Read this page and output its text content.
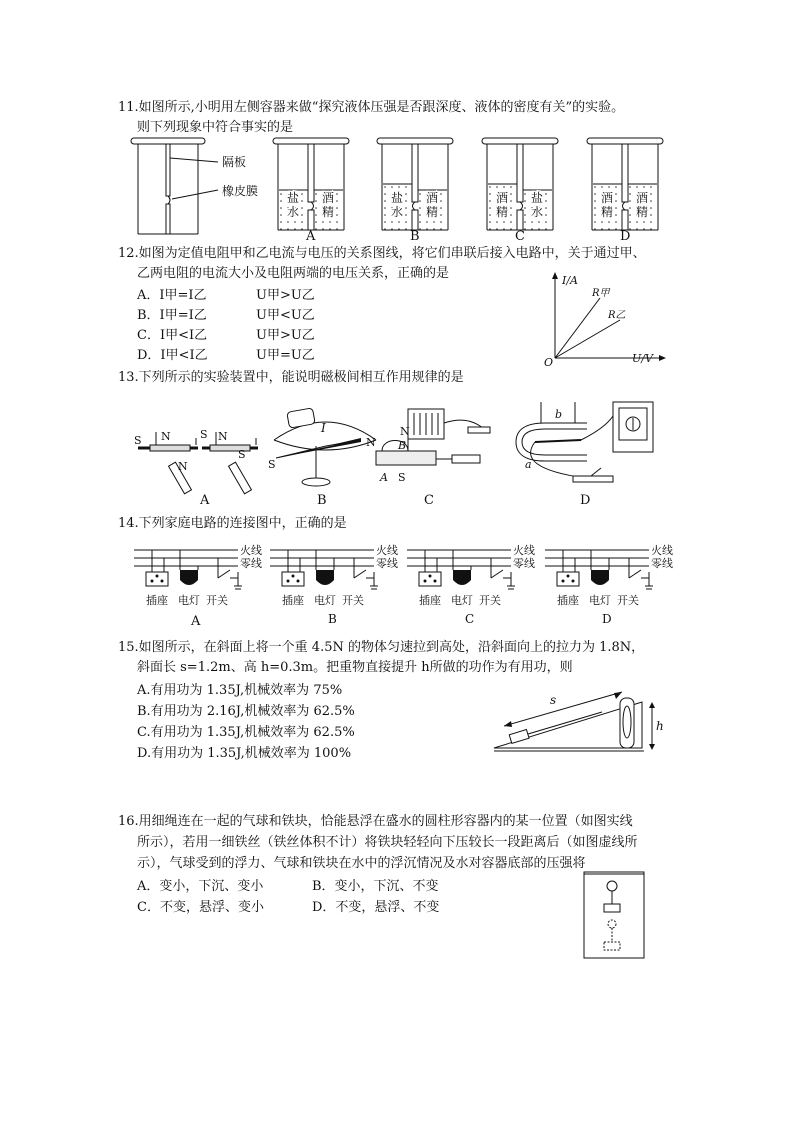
11.如图所示,小明用左侧容器来做“探究液体压强是否跟深度、液体的密度有关”的实验。
则下列现象中符合事实的是
隔板
橡皮膜 盐
水
酒
精
A
盐
水
酒
精
B
酒
精
盐
水
C
酒
精
酒
精
D
12.如图为定值电阻甲和乙电流与电压的关系图线，将它们串联后接入电路中，关于通过甲、
乙两电阻的电流大小及电阻两端的电压关系，正确的是
A．I甲=I乙	U甲>U乙
B．I甲=I乙	U甲<U乙
C．I甲<I乙	U甲>U乙
D．I甲<I乙	U甲=U乙
I/A
U/V
O
R甲
R乙
13.下列所示的实验装置中，能说明磁极间相互作用规律的是
S N	S N
N
S
I
N
S
B
N
A S
b
a
A	B	C	D
14.下列家庭电路的连接图中，正确的是
火线
零线
插座 电灯 开关
火线
零线
插座 电灯 开关
火线
零线
插座 电灯 开关
火线
零线
插座 电灯 开关
A	B	C	D
15.如图所示，在斜面上将一个重 4.5N 的物体匀速拉到高处，沿斜面向上的拉力为 1.8N，
斜面长 s=1.2m、高 h=0.3m。把重物直接提升 h所做的功作为有用功，则
A.有用功为 1.35J,机械效率为 75%
B.有用功为 2.16J,机械效率为 62.5%
C.有用功为 1.35J,机械效率为 62.5%
D.有用功为 1.35J,机械效率为 100%
s
h
16.用细绳连在一起的气球和铁块，恰能悬浮在盛水的圆柱形容器内的某一位置（如图实线
所示），若用一细铁丝（铁丝体积不计）将铁块轻轻向下压较长一段距离后（如图虚线所
示），气球受到的浮力、气球和铁块在水中的浮沉情况及水对容器底部的压强将
A．变小，下沉、变小	B．变小，下沉、不变
C．不变，悬浮、变小	D．不变，悬浮、不变
